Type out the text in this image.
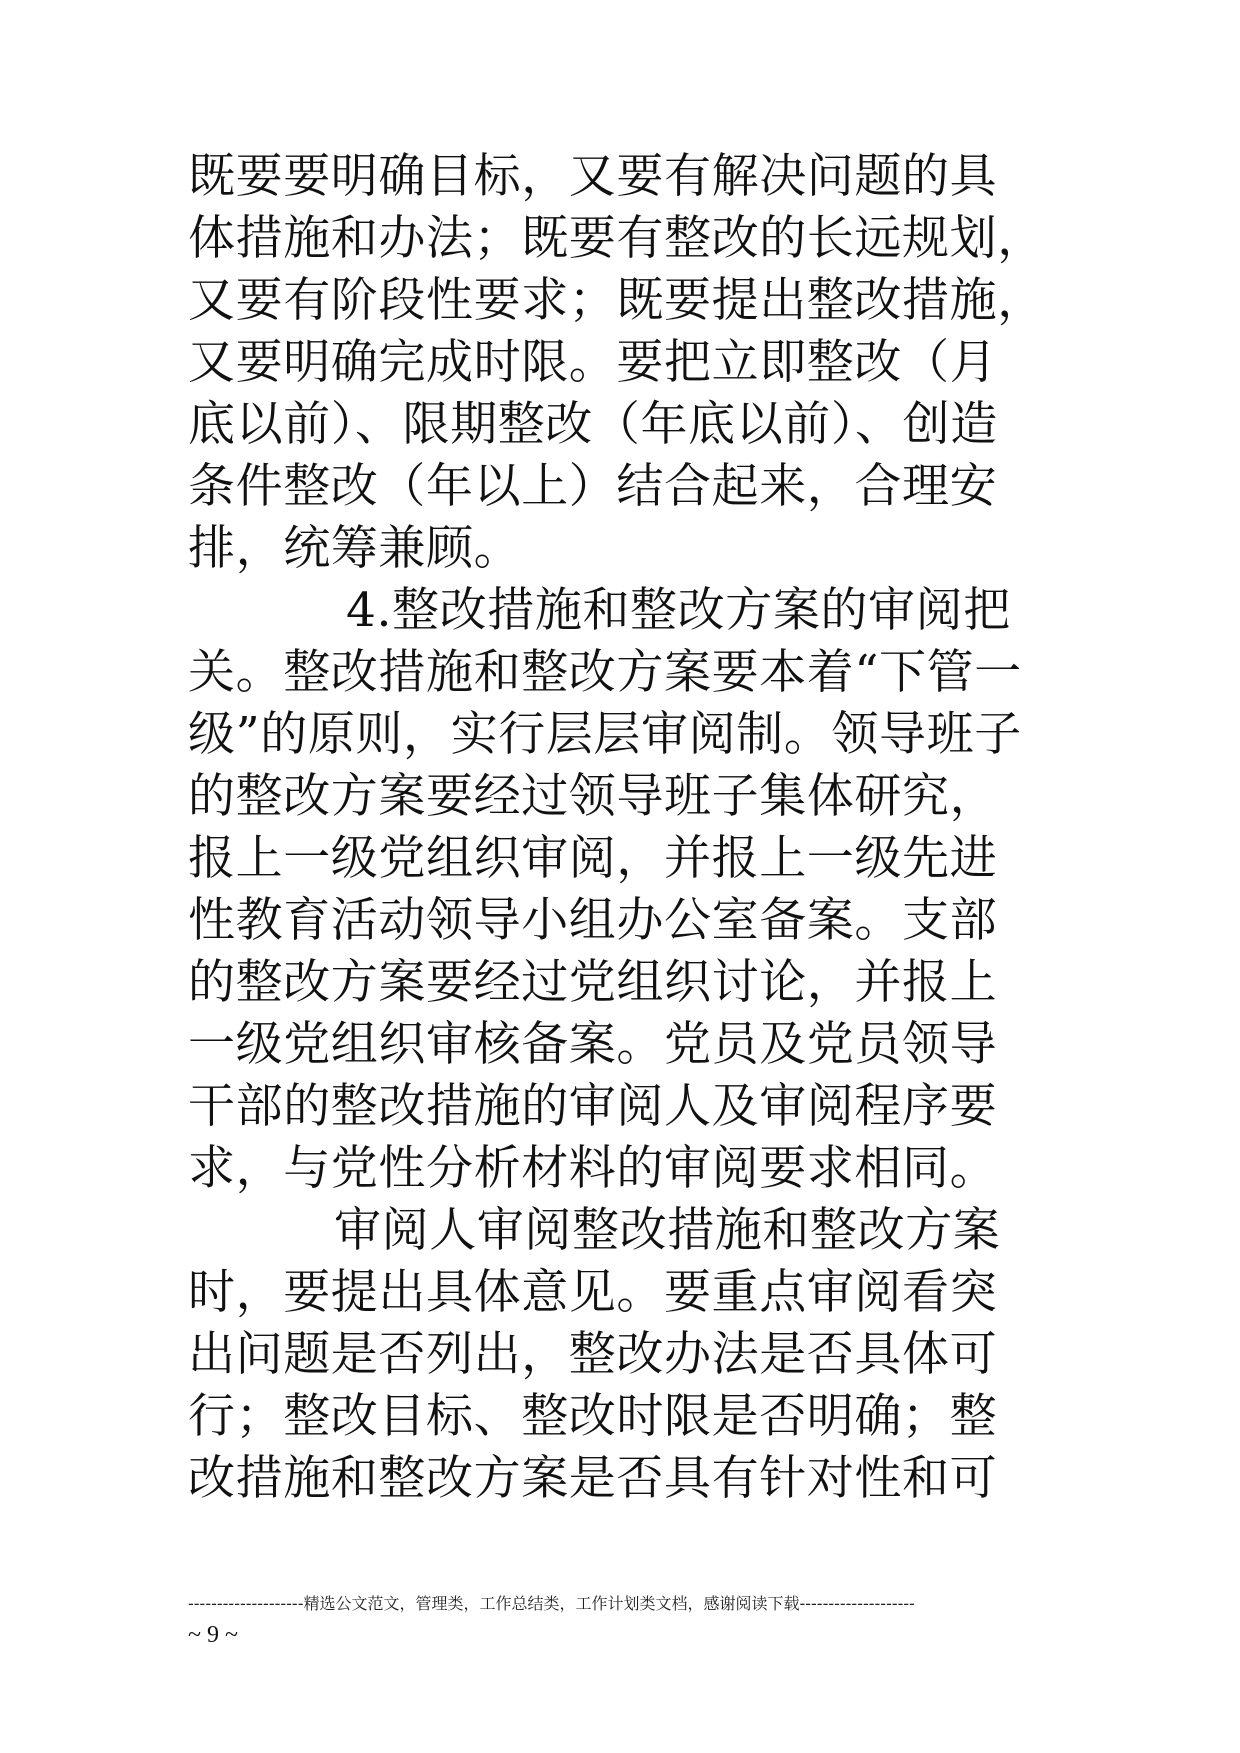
既要要明确目标，又要有解决问题的具
体措施和办法；既要有整改的长远规划，
又要有阶段性要求；既要提出整改措施，
又要明确完成时限。要把立即整改（月
底以前）、限期整改（年底以前）、创造
条件整改（年以上）结合起来，合理安
排，统筹兼顾。
4.整改措施和整改方案的审阅把
关。整改措施和整改方案要本着“下管一
级”的原则，实行层层审阅制。领导班子
的整改方案要经过领导班子集体研究，
报上一级党组织审阅，并报上一级先进
性教育活动领导小组办公室备案。支部
的整改方案要经过党组织讨论，并报上
一级党组织审核备案。党员及党员领导
干部的整改措施的审阅人及审阅程序要
求，与党性分析材料的审阅要求相同。
审阅人审阅整改措施和整改方案
时，要提出具体意见。要重点审阅看突
出问题是否列出，整改办法是否具体可
行；整改目标、整改时限是否明确；整
改措施和整改方案是否具有针对性和可
--------------------精选公文范文，管理类，工作总结类，工作计划类文档，感谢阅读下载--------------------
~ 9 ~
